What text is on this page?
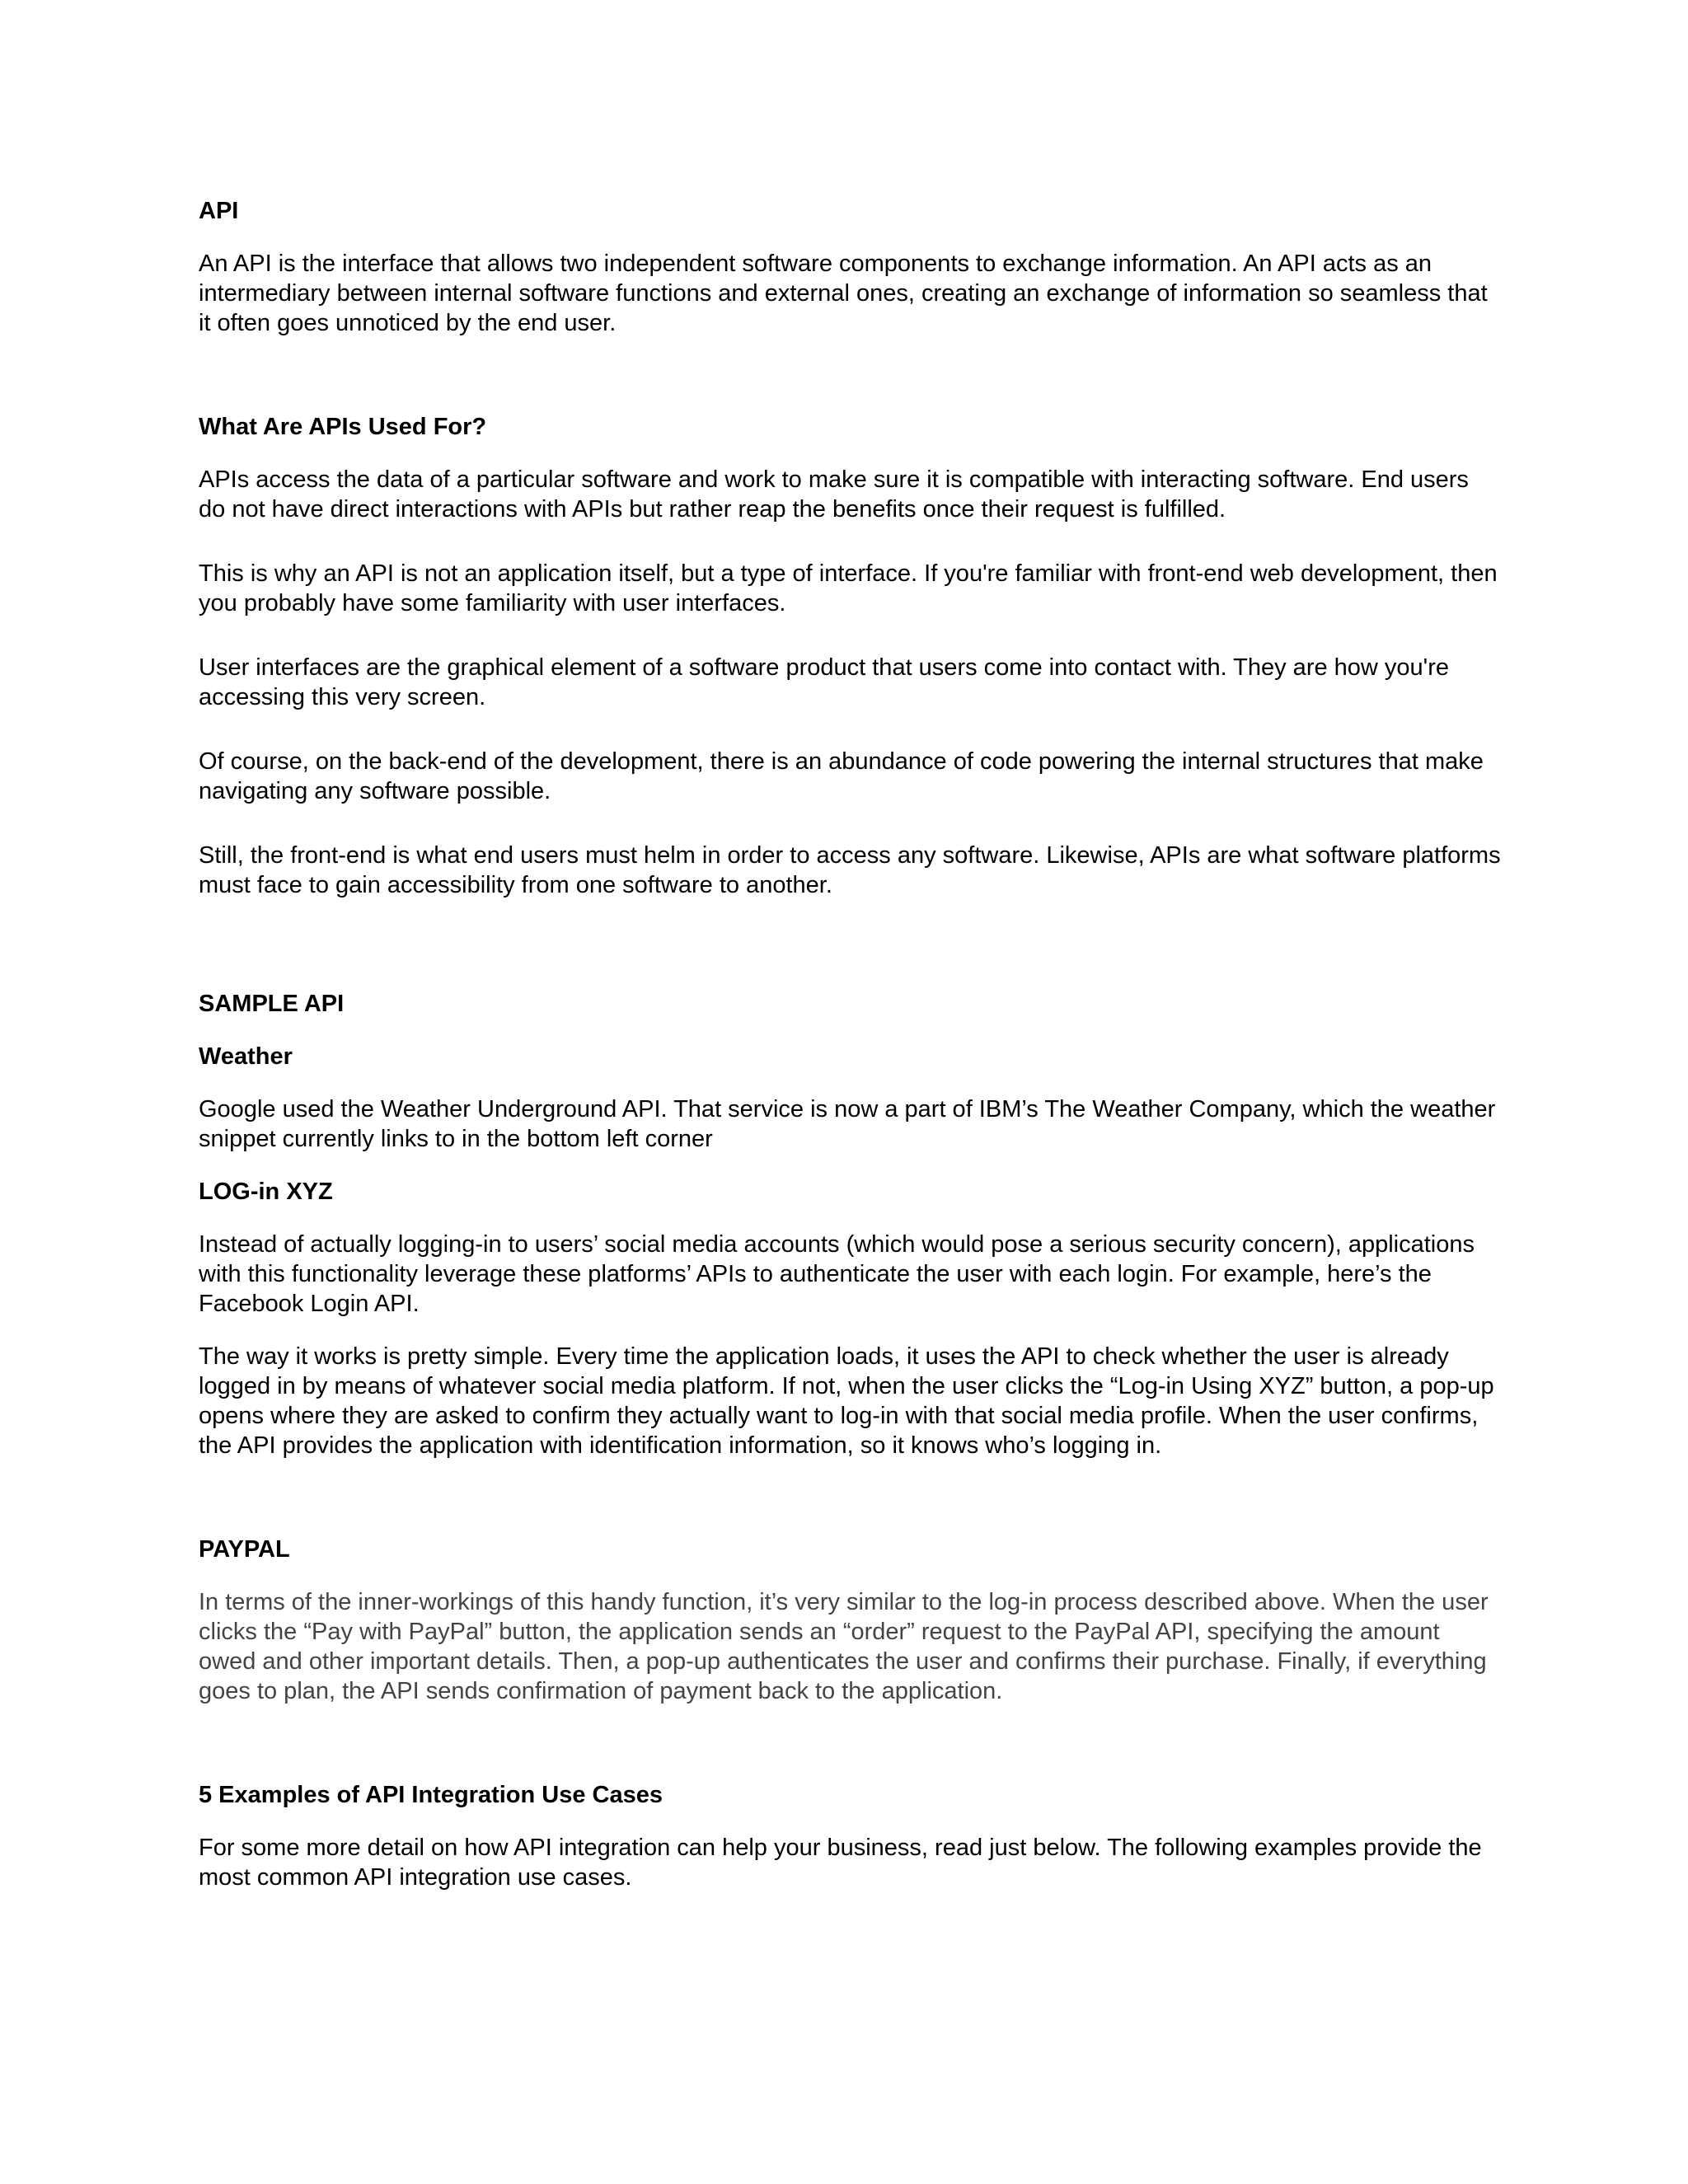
API

An API is the interface that allows two independent software components to exchange information. An API acts as an intermediary between internal software functions and external ones, creating an exchange of information so seamless that it often goes unnoticed by the end user.

What Are APIs Used For?

APIs access the data of a particular software and work to make sure it is compatible with interacting software. End users do not have direct interactions with APIs but rather reap the benefits once their request is fulfilled.

This is why an API is not an application itself, but a type of interface. If you're familiar with front-end web development, then you probably have some familiarity with user interfaces.

User interfaces are the graphical element of a software product that users come into contact with. They are how you're accessing this very screen.

Of course, on the back-end of the development, there is an abundance of code powering the internal structures that make navigating any software possible.

Still, the front-end is what end users must helm in order to access any software. Likewise, APIs are what software platforms must face to gain accessibility from one software to another.

SAMPLE API

Weather

Google used the Weather Underground API. That service is now a part of IBM’s The Weather Company, which the weather snippet currently links to in the bottom left corner

LOG-in XYZ

Instead of actually logging-in to users’ social media accounts (which would pose a serious security concern), applications with this functionality leverage these platforms’ APIs to authenticate the user with each login. For example, here’s the Facebook Login API.

The way it works is pretty simple. Every time the application loads, it uses the API to check whether the user is already logged in by means of whatever social media platform. If not, when the user clicks the “Log-in Using XYZ” button, a pop-up opens where they are asked to confirm they actually want to log-in with that social media profile. When the user confirms, the API provides the application with identification information, so it knows who’s logging in.

PAYPAL

In terms of the inner-workings of this handy function, it’s very similar to the log-in process described above. When the user clicks the “Pay with PayPal” button, the application sends an “order” request to the PayPal API, specifying the amount owed and other important details. Then, a pop-up authenticates the user and confirms their purchase. Finally, if everything goes to plan, the API sends confirmation of payment back to the application.

5 Examples of API Integration Use Cases

For some more detail on how API integration can help your business, read just below. The following examples provide the most common API integration use cases.
